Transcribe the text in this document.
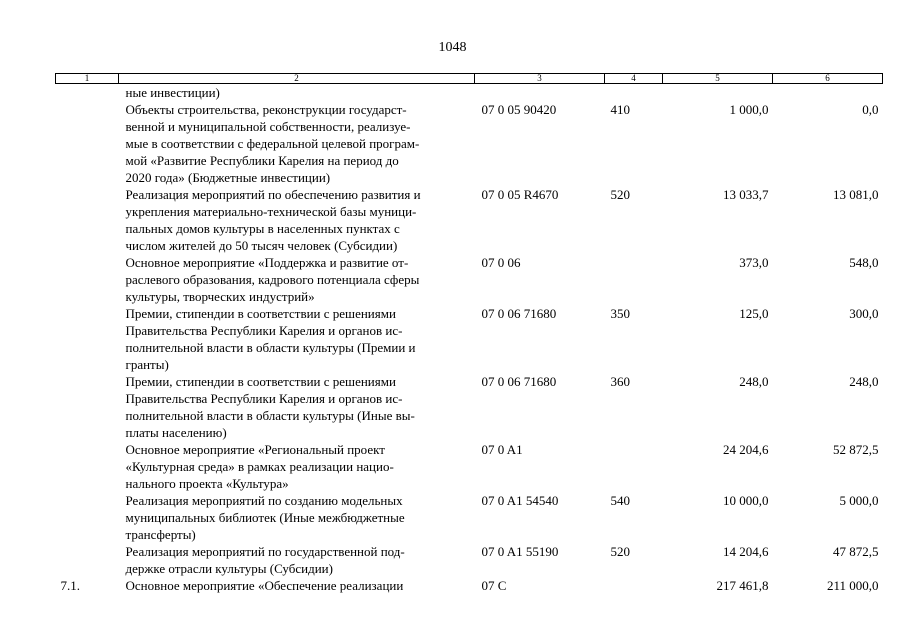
1048
1	2	3	4	5	6
	ные инвестиции)				
	Объекты строительства, реконструкции государст-
венной и муниципальной собственности, реализуе-
мые в соответствии с федеральной целевой програм-
мой «Развитие Республики Карелия на период до
2020 года» (Бюджетные инвестиции)	07 0 05 90420	410	1 000,0	0,0
	Реализация мероприятий по обеспечению развития и
укрепления материально-технической базы муници-
пальных домов культуры в населенных пунктах с
числом жителей до 50 тысяч человек (Субсидии)	07 0 05 R4670	520	13 033,7	13 081,0
	Основное мероприятие «Поддержка и развитие от-
раслевого образования, кадрового потенциала сферы
культуры, творческих индустрий»	07 0 06		373,0	548,0
	Премии, стипендии в соответствии с решениями
Правительства Республики Карелия и органов ис-
полнительной власти в области культуры (Премии и
гранты)	07 0 06 71680	350	125,0	300,0
	Премии, стипендии в соответствии с решениями
Правительства Республики Карелия и органов ис-
полнительной власти в области культуры (Иные вы-
платы населению)	07 0 06 71680	360	248,0	248,0
	Основное мероприятие «Региональный проект
«Культурная среда» в рамках реализации нацио-
нального проекта «Культура»	07 0 A1		24 204,6	52 872,5
	Реализация мероприятий по созданию модельных
муниципальных библиотек (Иные межбюджетные
трансферты)	07 0 A1 54540	540	10 000,0	5 000,0
	Реализация мероприятий по государственной под-
держке отрасли культуры (Субсидии)	07 0 A1 55190	520	14 204,6	47 872,5
7.1.	Основное мероприятие «Обеспечение реализации	07 C		217 461,8	211 000,0
